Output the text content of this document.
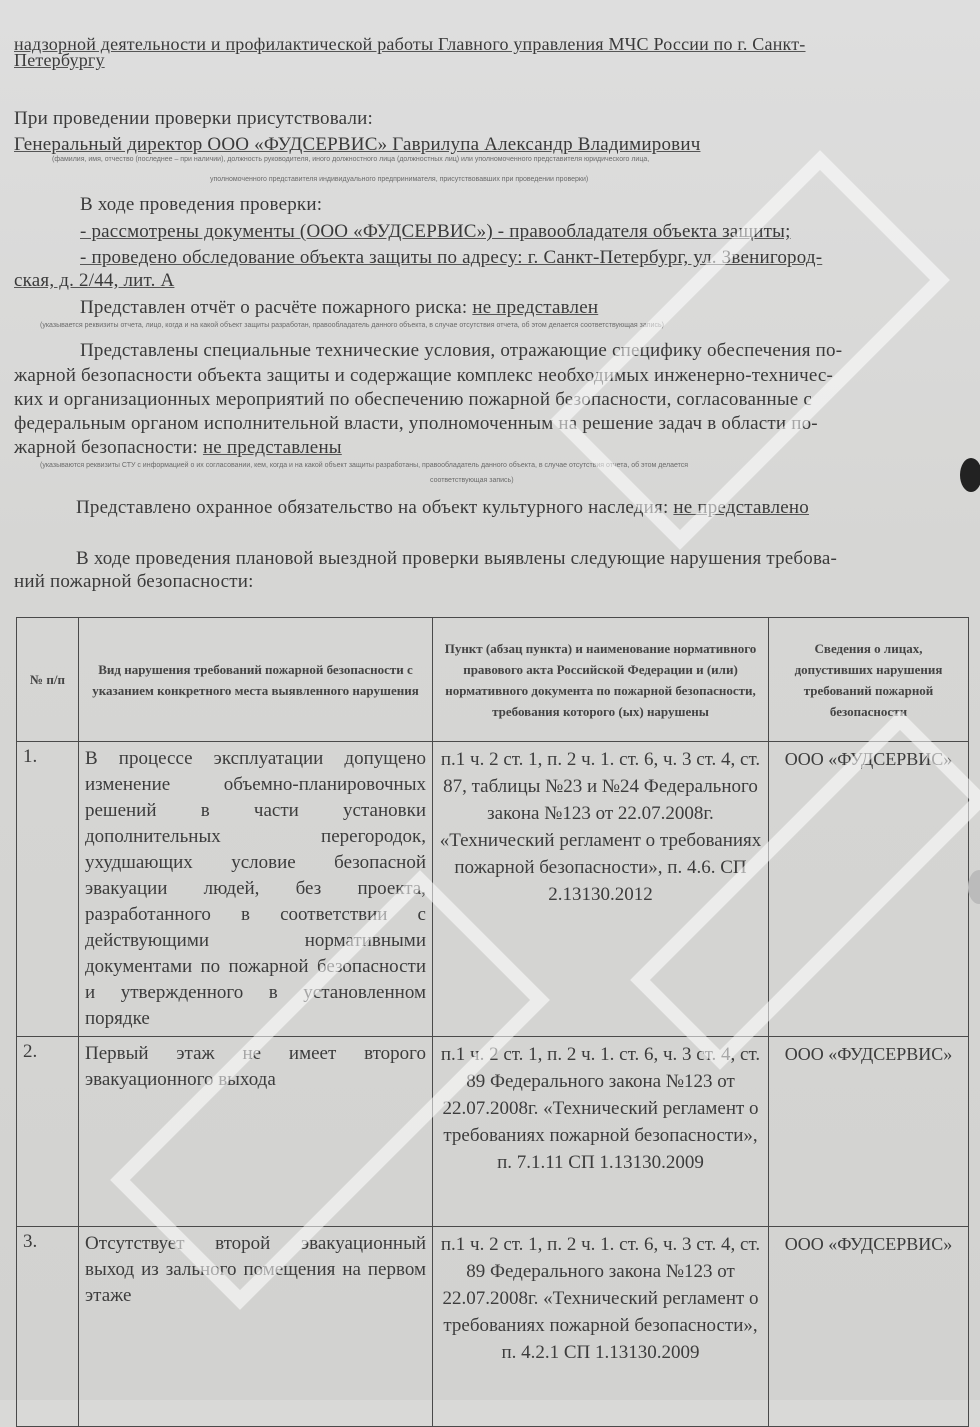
надзорной деятельности и профилактической работы Главного управления МЧС России по г. Санкт-
Петербургу
При проведении проверки присутствовали:
Генеральный директор ООО «ФУДСЕРВИС» Гаврилупа Александр Владимирович
(фамилия, имя, отчество (последнее – при наличии), должность руководителя, иного должностного лица (должностных лиц) или уполномоченного представителя юридического лица,
уполномоченного представителя индивидуального предпринимателя, присутствовавших при проведении проверки)
В ходе проведения проверки:
- рассмотрены документы (ООО «ФУДСЕРВИС») - правообладателя объекта защиты;
- проведено обследование объекта защиты по адресу: г. Санкт-Петербург, ул. Звенигород-
ская, д. 2/44, лит. А
Представлен отчёт о расчёте пожарного риска: не представлен
(указывается реквизиты отчета, лицо, когда и на какой объект защиты разработан, правообладатель данного объекта, в случае отсутствия отчета, об этом делается соответствующая запись)
Представлены специальные технические условия, отражающие специфику обеспечения по-
жарной безопасности объекта защиты и содержащие комплекс необходимых инженерно-техничес-
ких и организационных мероприятий по обеспечению пожарной безопасности, согласованные с
федеральным органом исполнительной власти, уполномоченным на решение задач в области по-
жарной безопасности: не представлены
(указываются реквизиты СТУ с информацией о их согласовании, кем, когда и на какой объект защиты разработаны, правообладатель данного объекта, в случае отсутствия отчета, об этом делается
соответствующая запись)
Представлено охранное обязательство на объект культурного наследия: не представлено
В ходе проведения плановой выездной проверки выявлены следующие нарушения требова-
ний пожарной безопасности:
№ п/п	Вид нарушения требований пожарной безопасности с указанием конкретного места выявленного нарушения	Пункт (абзац пункта) и наименование нормативного правового акта Российской Федерации и (или) нормативного документа по пожарной безопасности, требования которого (ых) нарушены	Сведения о лицах, допустивших нарушения требований пожарной безопасности
1.	В процессе эксплуатации допущено изменение объемно-планировочных решений в части установки дополнительных перегородок, ухудшающих условие безопасной эвакуации людей, без проекта, разработанного в соответствии с действующими нормативными документами по пожарной безопасности и утвержденного в установленном порядке	п.1 ч. 2 ст. 1, п. 2 ч. 1. ст. 6, ч. 3 ст. 4, ст. 87, таблицы №23 и №24 Федерального закона №123 от 22.07.2008г. «Технический регламент о требованиях пожарной безопасности», п. 4.6. СП 2.13130.2012	ООО «ФУДСЕРВИС»
2.	Первый этаж не имеет второго эвакуационного выхода	п.1 ч. 2 ст. 1, п. 2 ч. 1. ст. 6, ч. 3 ст. 4, ст. 89 Федерального закона №123 от 22.07.2008г. «Технический регламент о требованиях пожарной безопасности», п. 7.1.11 СП 1.13130.2009	ООО «ФУДСЕРВИС»
3.	Отсутствует второй эвакуационный выход из зального помещения на первом этаже	п.1 ч. 2 ст. 1, п. 2 ч. 1. ст. 6, ч. 3 ст. 4, ст. 89 Федерального закона №123 от 22.07.2008г. «Технический регламент о требованиях пожарной безопасности», п. 4.2.1 СП 1.13130.2009	ООО «ФУДСЕРВИС»
